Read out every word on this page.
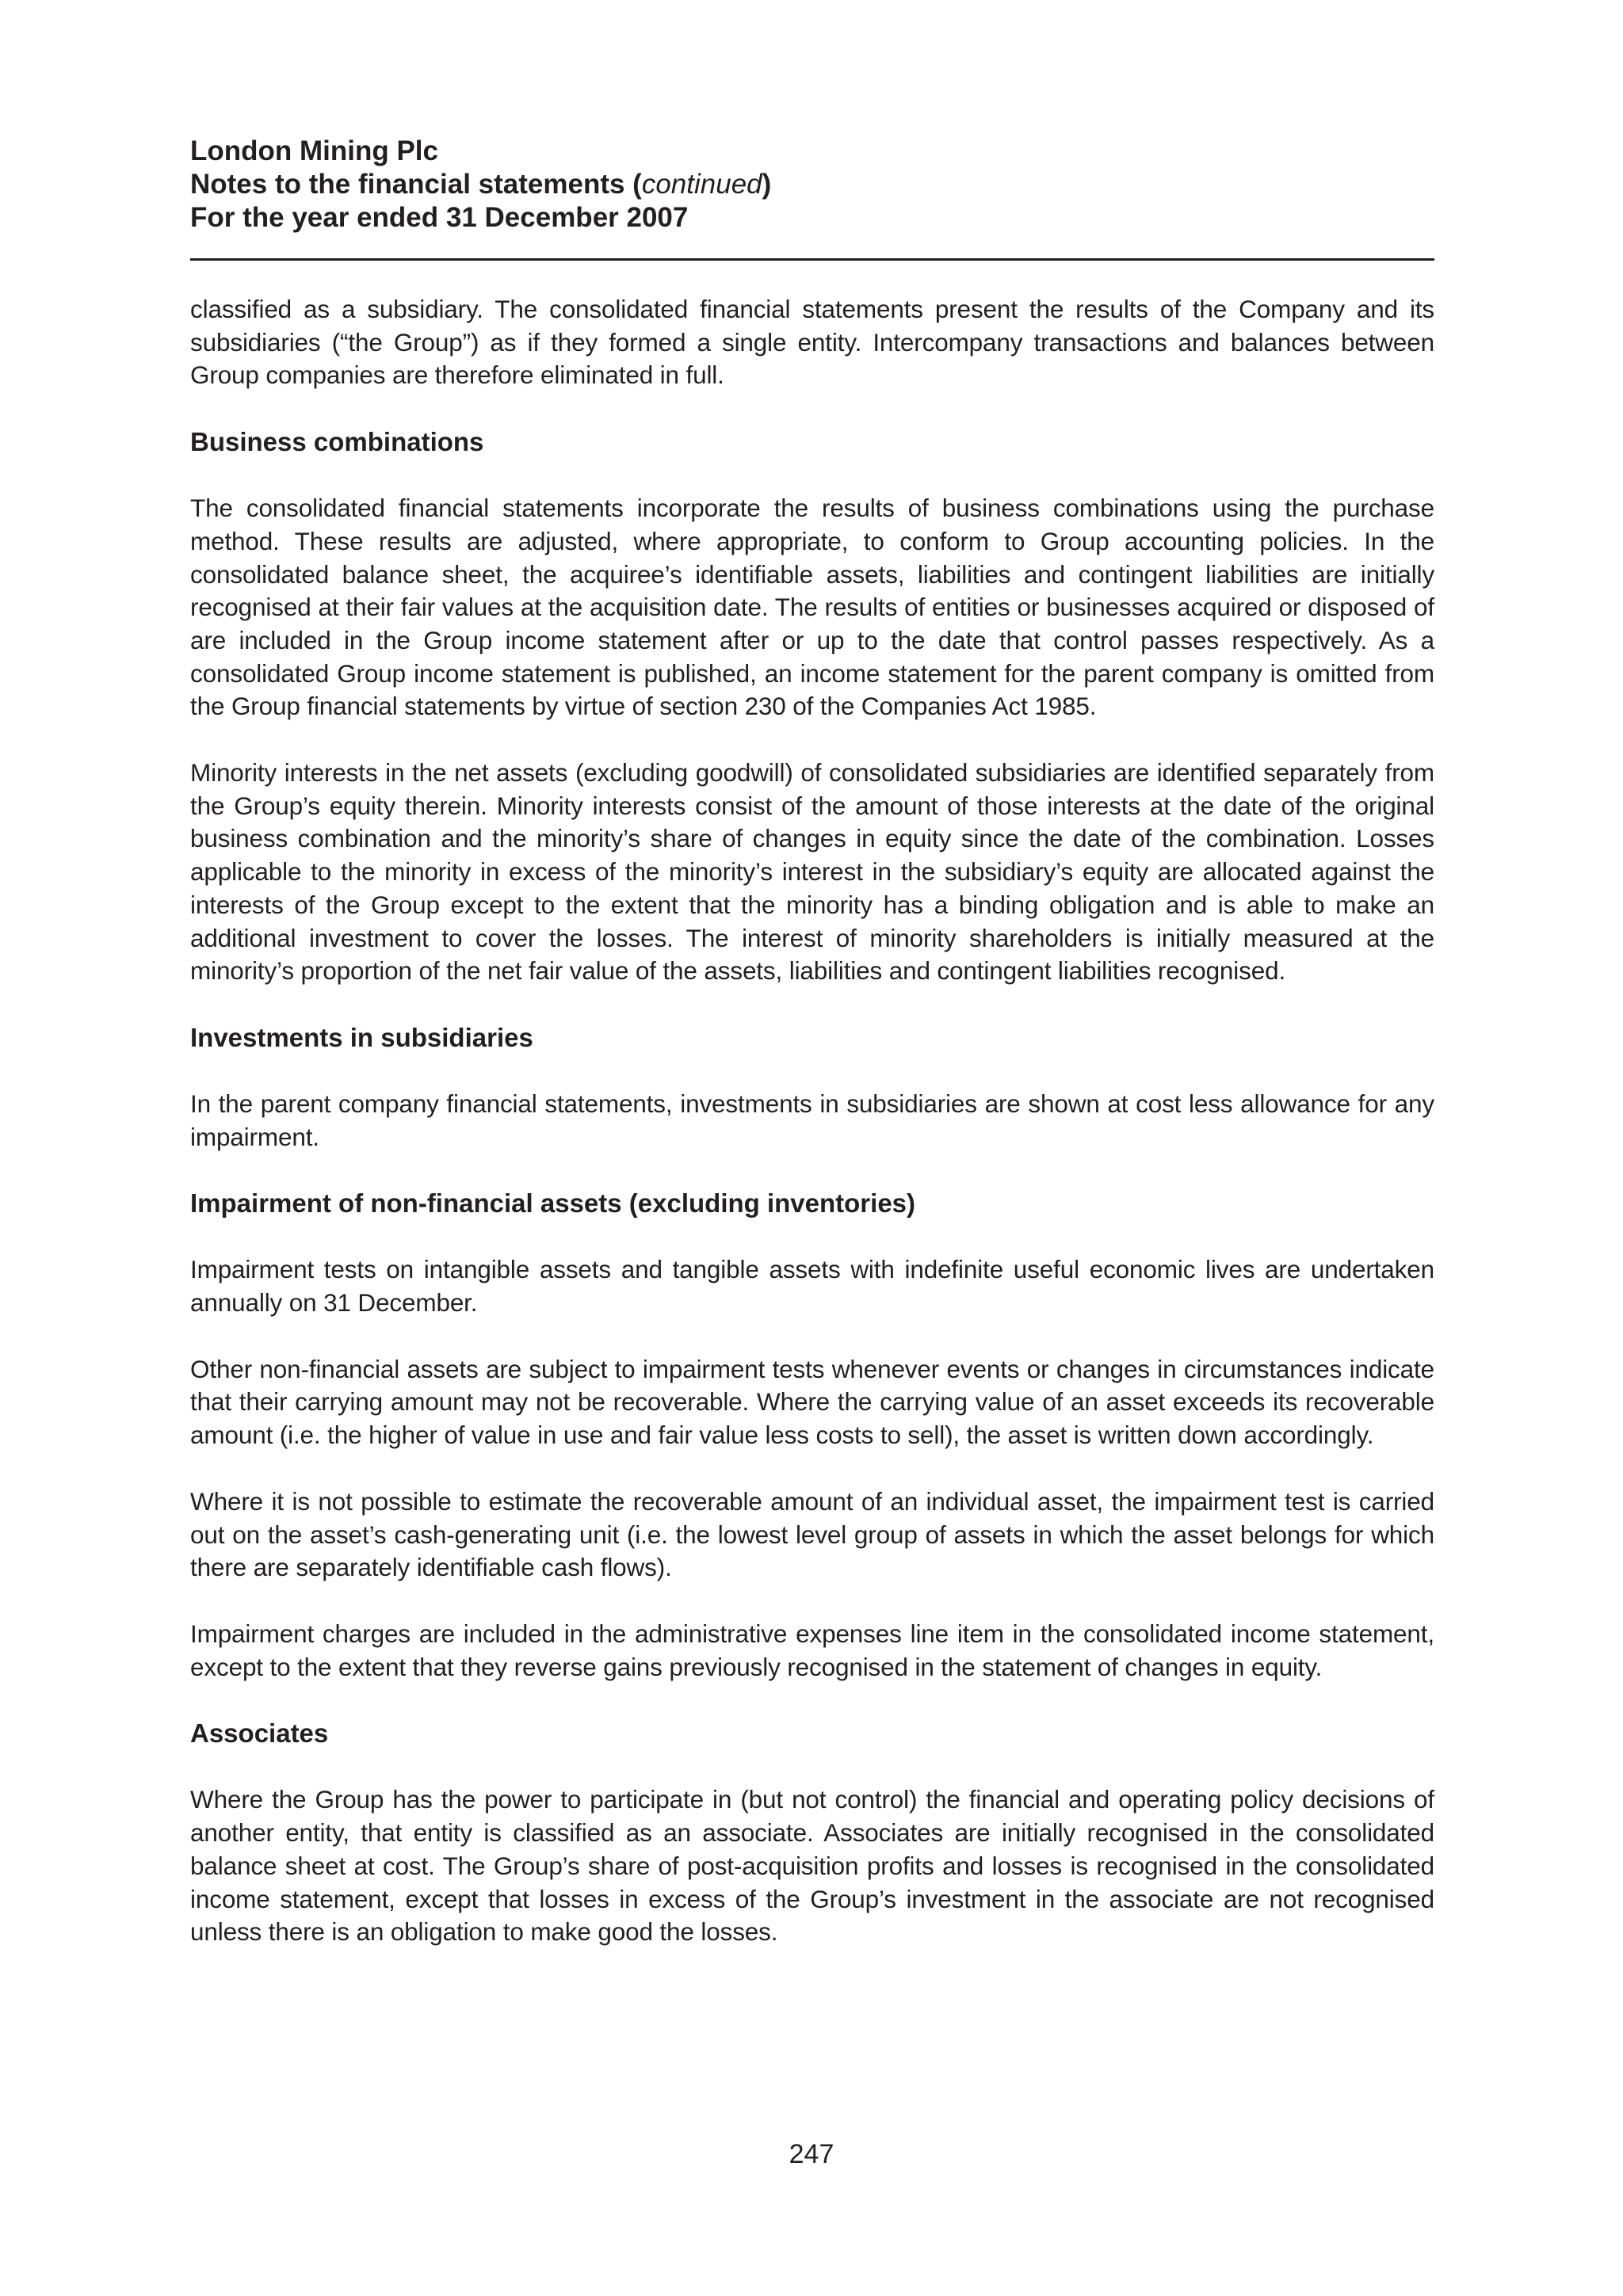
London Mining Plc
Notes to the financial statements (continued)
For the year ended 31 December 2007

classified as a subsidiary. The consolidated financial statements present the results of the Company and its subsidiaries (“the Group”) as if they formed a single entity. Intercompany transactions and balances between Group companies are therefore eliminated in full.

Business combinations

The consolidated financial statements incorporate the results of business combinations using the purchase method. These results are adjusted, where appropriate, to conform to Group accounting policies. In the consolidated balance sheet, the acquiree’s identifiable assets, liabilities and contingent liabilities are initially recognised at their fair values at the acquisition date. The results of entities or businesses acquired or disposed of are included in the Group income statement after or up to the date that control passes respectively. As a consolidated Group income statement is published, an income statement for the parent company is omitted from the Group financial statements by virtue of section 230 of the Companies Act 1985.

Minority interests in the net assets (excluding goodwill) of consolidated subsidiaries are identified separately from the Group’s equity therein. Minority interests consist of the amount of those interests at the date of the original business combination and the minority’s share of changes in equity since the date of the combination. Losses applicable to the minority in excess of the minority’s interest in the subsidiary’s equity are allocated against the interests of the Group except to the extent that the minority has a binding obligation and is able to make an additional investment to cover the losses. The interest of minority shareholders is initially measured at the minority’s proportion of the net fair value of the assets, liabilities and contingent liabilities recognised.

Investments in subsidiaries

In the parent company financial statements, investments in subsidiaries are shown at cost less allowance for any impairment.

Impairment of non-financial assets (excluding inventories)

Impairment tests on intangible assets and tangible assets with indefinite useful economic lives are undertaken annually on 31 December.

Other non-financial assets are subject to impairment tests whenever events or changes in circumstances indicate that their carrying amount may not be recoverable. Where the carrying value of an asset exceeds its recoverable amount (i.e. the higher of value in use and fair value less costs to sell), the asset is written down accordingly.

Where it is not possible to estimate the recoverable amount of an individual asset, the impairment test is carried out on the asset’s cash-generating unit (i.e. the lowest level group of assets in which the asset belongs for which there are separately identifiable cash flows).

Impairment charges are included in the administrative expenses line item in the consolidated income statement, except to the extent that they reverse gains previously recognised in the statement of changes in equity.

Associates

Where the Group has the power to participate in (but not control) the financial and operating policy decisions of another entity, that entity is classified as an associate. Associates are initially recognised in the consolidated balance sheet at cost. The Group’s share of post-acquisition profits and losses is recognised in the consolidated income statement, except that losses in excess of the Group’s investment in the associate are not recognised unless there is an obligation to make good the losses.

247
